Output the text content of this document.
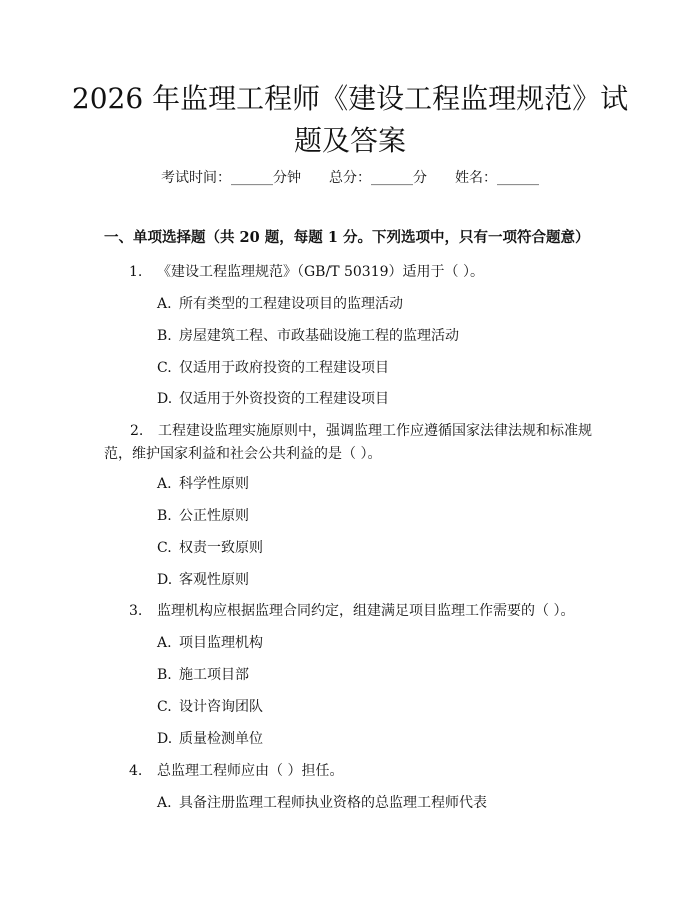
2026 年监理工程师《建设工程监理规范》试题及答案
考试时间：______分钟 总分：______分 姓名：______
一、单项选择题（共 20 题，每题 1 分。下列选项中，只有一项符合题意）
1. 《建设工程监理规范》（GB/T 50319）适用于（ ）。
A. 所有类型的工程建设项目的监理活动
B. 房屋建筑工程、市政基础设施工程的监理活动
C. 仅适用于政府投资的工程建设项目
D. 仅适用于外资投资的工程建设项目
2. 工程建设监理实施原则中，强调监理工作应遵循国家法律法规和标准规范，维护国家利益和社会公共利益的是（ ）。
A. 科学性原则
B. 公正性原则
C. 权责一致原则
D. 客观性原则
3. 监理机构应根据监理合同约定，组建满足项目监理工作需要的（ ）。
A. 项目监理机构
B. 施工项目部
C. 设计咨询团队
D. 质量检测单位
4. 总监理工程师应由（ ）担任。
A. 具备注册监理工程师执业资格的总监理工程师代表
